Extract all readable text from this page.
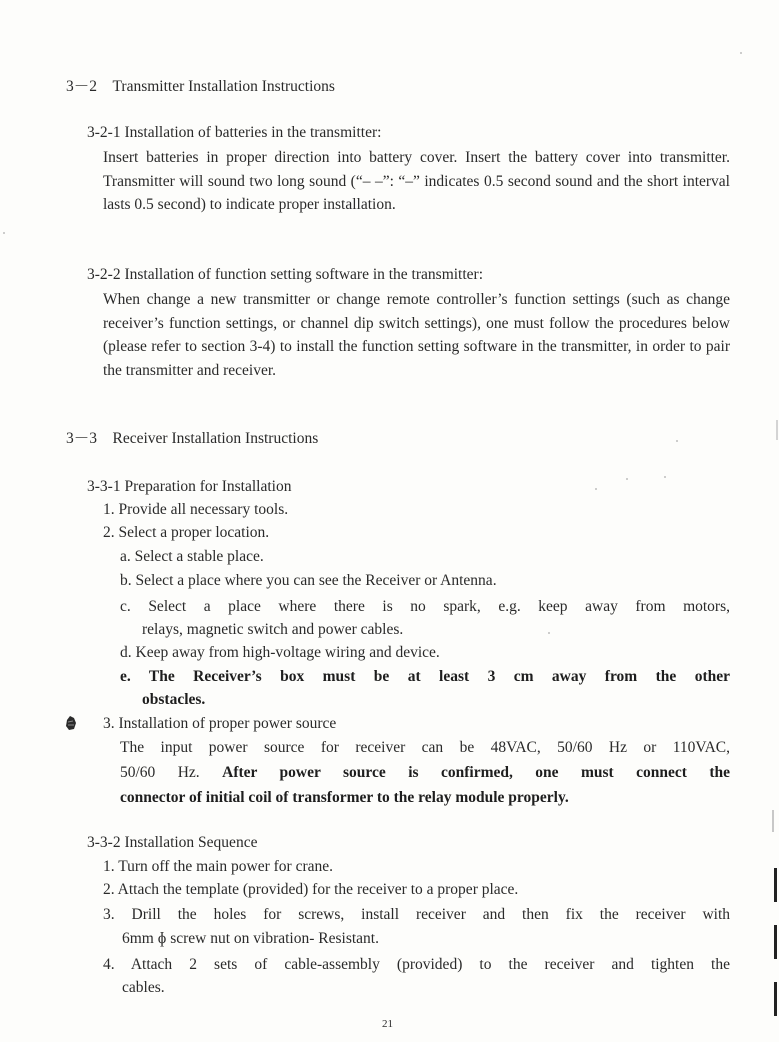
3－2　Transmitter Installation Instructions
3-2-1 Installation of batteries in the transmitter:
Insert batteries in proper direction into battery cover. Insert the battery cover into transmitter. Transmitter will sound two long sound (“– –”: “–” indicates 0.5 second sound and the short interval lasts 0.5 second) to indicate proper installation.
3-2-2 Installation of function setting software in the transmitter:
When change a new transmitter or change remote controller’s function settings (such as change receiver’s function settings, or channel dip switch settings), one must follow the procedures below (please refer to section 3-4) to install the function setting software in the transmitter, in order to pair the transmitter and receiver.
3－3　Receiver Installation Instructions
3-3-1 Preparation for Installation
1. Provide all necessary tools.
2. Select a proper location.
a. Select a stable place.
b. Select a place where you can see the Receiver or Antenna.
c. Select a place where there is no spark, e.g. keep away from motors,
relays, magnetic switch and power cables.
d. Keep away from high-voltage wiring and device.
e. The Receiver’s box must be at least 3 cm away from the other
obstacles.
3. Installation of proper power source
The input power source for receiver can be 48VAC, 50/60 Hz or 110VAC,
50/60 Hz. After power source is confirmed, one must connect the
connector of initial coil of transformer to the relay module properly.
3-3-2 Installation Sequence
1. Turn off the main power for crane.
2. Attach the template (provided) for the receiver to a proper place.
3. Drill the holes for screws, install receiver and then fix the receiver with
6mm ɸ screw nut on vibration- Resistant.
4. Attach 2 sets of cable-assembly (provided) to the receiver and tighten the
cables.
21
